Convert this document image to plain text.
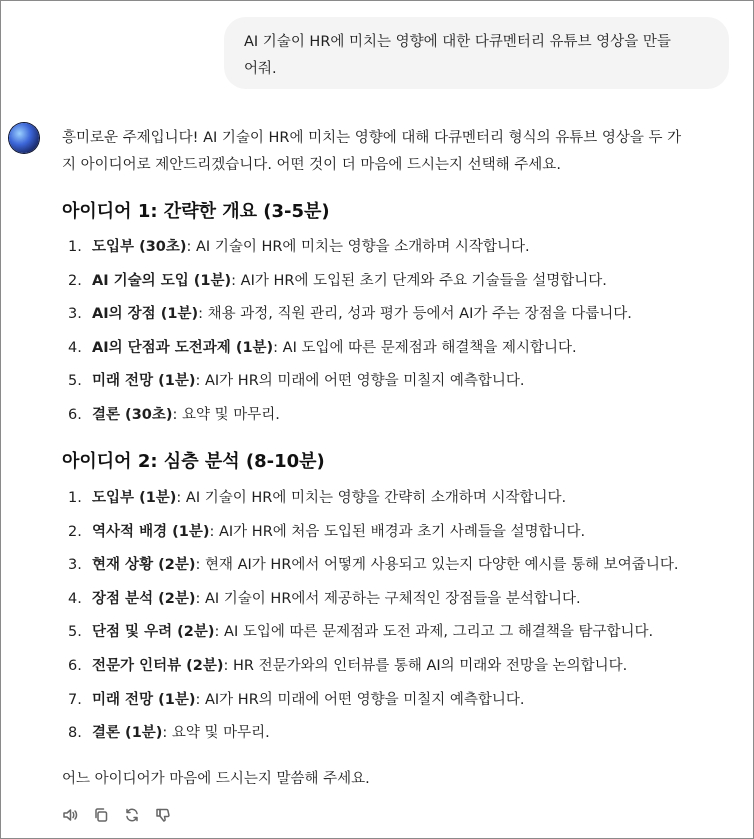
AI 기술이 HR에 미치는 영향에 대한 다큐멘터리 유튜브 영상을 만들
어줘.

흥미로운 주제입니다! AI 기술이 HR에 미치는 영향에 대해 다큐멘터리 형식의 유튜브 영상을 두 가

지 아이디어로 제안드리겠습니다. 어떤 것이 더 마음에 드시는지 선택해 주세요.

아이디어 1: 간략한 개요 (3-5분)
1. 도입부 (30초): AI 기술이 HR에 미치는 영향을 소개하며 시작합니다.
2. AI 기술의 도입 (1분): AI가 HR에 도입된 초기 단계와 주요 기술들을 설명합니다.
3. AI의 장점 (1분): 채용 과정, 직원 관리, 성과 평가 등에서 AI가 주는 장점을 다룹니다.
4. AI의 단점과 도전과제 (1분): AI 도입에 따른 문제점과 해결책을 제시합니다.
5. 미래 전망 (1분): AI가 HR의 미래에 어떤 영향을 미칠지 예측합니다.
6. 결론 (30초): 요약 및 마무리.
아이디어 2: 심층 분석 (8-10분)
1. 도입부 (1분): AI 기술이 HR에 미치는 영향을 간략히 소개하며 시작합니다.
2. 역사적 배경 (1분): AI가 HR에 처음 도입된 배경과 초기 사례들을 설명합니다.
3. 현재 상황 (2분): 현재 AI가 HR에서 어떻게 사용되고 있는지 다양한 예시를 통해 보여줍니다.
4. 장점 분석 (2분): AI 기술이 HR에서 제공하는 구체적인 장점들을 분석합니다.
5. 단점 및 우려 (2분): AI 도입에 따른 문제점과 도전 과제, 그리고 그 해결책을 탐구합니다.
6. 전문가 인터뷰 (2분): HR 전문가와의 인터뷰를 통해 AI의 미래와 전망을 논의합니다.
7. 미래 전망 (1분): AI가 HR의 미래에 어떤 영향을 미칠지 예측합니다.
8. 결론 (1분): 요약 및 마무리.

어느 아이디어가 마음에 드시는지 말씀해 주세요.
